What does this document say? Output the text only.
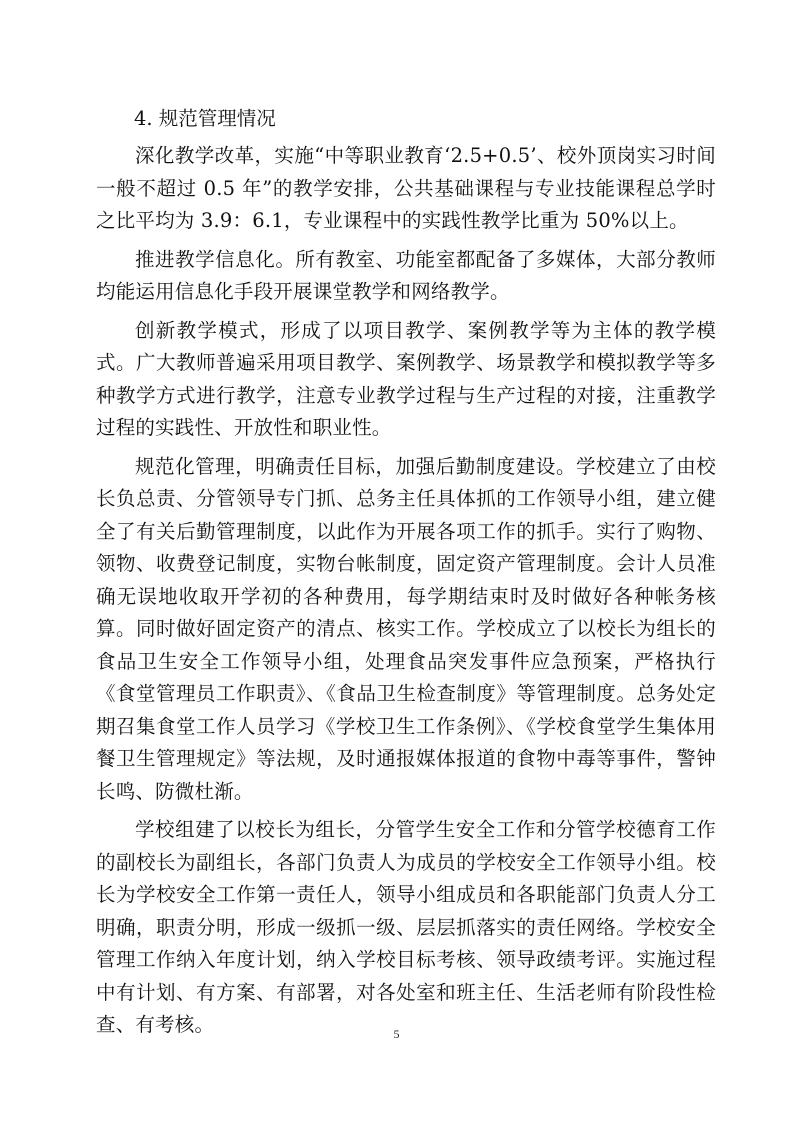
4. 规范管理情况

深化教学改革，实施“中等职业教育‘2.5+0.5’、校外顶岗实习时间一般不超过 0.5 年”的教学安排，公共基础课程与专业技能课程总学时之比平均为 3.9：6.1，专业课程中的实践性教学比重为 50%以上。

推进教学信息化。所有教室、功能室都配备了多媒体，大部分教师均能运用信息化手段开展课堂教学和网络教学。

创新教学模式，形成了以项目教学、案例教学等为主体的教学模式。广大教师普遍采用项目教学、案例教学、场景教学和模拟教学等多种教学方式进行教学，注意专业教学过程与生产过程的对接，注重教学过程的实践性、开放性和职业性。

规范化管理，明确责任目标，加强后勤制度建设。学校建立了由校长负总责、分管领导专门抓、总务主任具体抓的工作领导小组，建立健全了有关后勤管理制度，以此作为开展各项工作的抓手。实行了购物、领物、收费登记制度，实物台帐制度，固定资产管理制度。会计人员准确无误地收取开学初的各种费用，每学期结束时及时做好各种帐务核算。同时做好固定资产的清点、核实工作。学校成立了以校长为组长的食品卫生安全工作领导小组，处理食品突发事件应急预案，严格执行《食堂管理员工作职责》、《食品卫生检查制度》等管理制度。总务处定期召集食堂工作人员学习《学校卫生工作条例》、《学校食堂学生集体用餐卫生管理规定》等法规，及时通报媒体报道的食物中毒等事件，警钟长鸣、防微杜渐。

学校组建了以校长为组长，分管学生安全工作和分管学校德育工作的副校长为副组长，各部门负责人为成员的学校安全工作领导小组。校长为学校安全工作第一责任人，领导小组成员和各职能部门负责人分工明确，职责分明，形成一级抓一级、层层抓落实的责任网络。学校安全管理工作纳入年度计划，纳入学校目标考核、领导政绩考评。实施过程中有计划、有方案、有部署，对各处室和班主任、生活老师有阶段性检查、有考核。	5
